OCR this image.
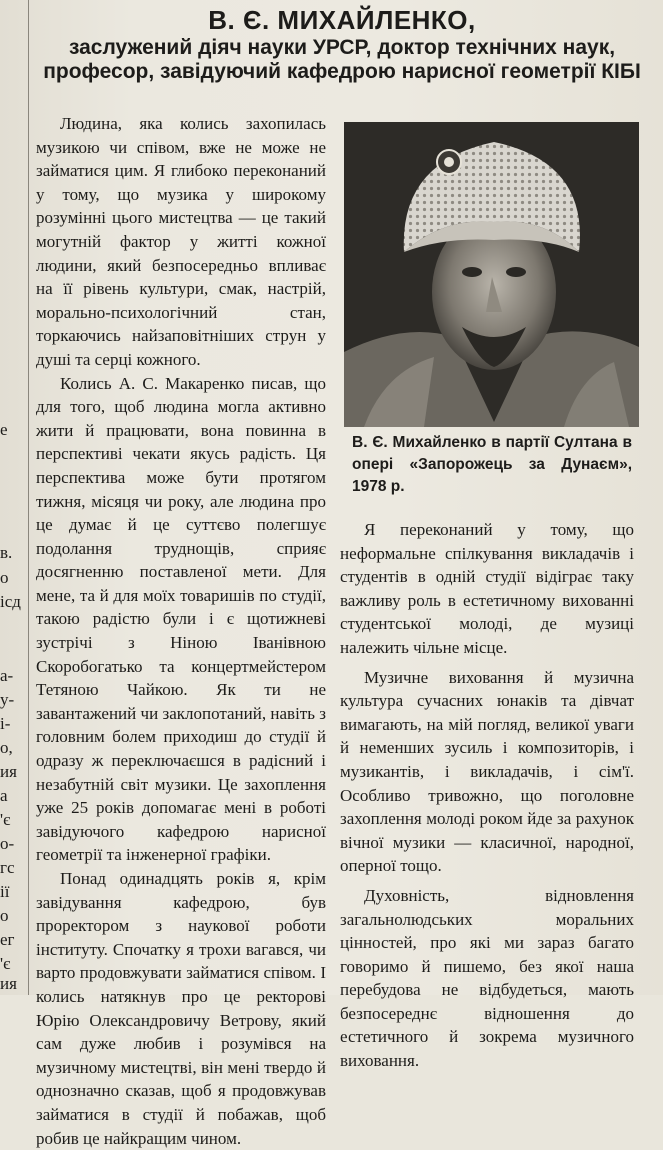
е
в.
о
ісд
а-
у-
і-
о,
ия
а
'є
о-
гс
ії
о
ег
'є
ия
В. Є. МИХАЙЛЕНКО,
заслужений діяч науки УРСР, доктор технічних наук, професор, завідуючий кафедрою нарисної геометрії КІБІ

Людина, яка колись захопилась музикою чи співом, вже не може не займатися цим. Я глибоко переконаний у тому, що музика у широкому розумінні цього мистецтва — це такий могутній фактор у житті кожної людини, який безпосередньо впливає на її рівень культури, смак, настрій, морально-психологічний стан, торкаючись найзаповітніших струн у душі та серці кожного.

Колись А. С. Макаренко писав, що для того, щоб людина могла активно жити й працювати, вона повинна в перспективі чекати якусь радість. Ця перспектива може бути протягом тижня, місяця чи року, але людина про це думає й це суттєво полегшує подолання труднощів, сприяє досягненню поставленої мети. Для мене, та й для моїх товаришів по студії, такою радістю були і є щотижневі зустрічі з Ніною Іванівною Скоробогатько та концертмейстером Тетяною Чайкою. Як ти не завантажений чи заклопотаний, навіть з головним болем приходиш до студії й одразу ж переключаєшся в радісний і незабутній світ музики. Це захоплення уже 25 років допомагає мені в роботі завідуючого кафедрою нарисної геометрії та інженерної графіки.

Понад одинадцять років я, крім завідування кафедрою, був проректором з наукової роботи інституту. Спочатку я трохи вагався, чи варто продовжувати займатися співом. І колись натякнув про це ректорові Юрію Олександровичу Ветрову, який сам дуже любив і розумівся на музичному мистецтві, він мені твердо й однозначно сказав, щоб я продовжував займатися в студії й побажав, щоб робив це найкращим чином.

В. Є. Михайленко в партії Султана в опері «Запорожець за Дунаєм», 1978 р.

Я переконаний у тому, що неформальне спілкування викладачів і студентів в одній студії відіграє таку важливу роль в естетичному вихованні студентської молоді, де музиці належить чільне місце.

Музичне виховання й музична культура сучасних юнаків та дівчат вимагають, на мій погляд, великої уваги й неменших зусиль і композиторів, і музикантів, і викладачів, і сім'ї. Особливо тривожно, що поголовне захоплення молоді роком йде за рахунок вічної музики — класичної, народної, оперної тощо.

Духовність, відновлення загальнолюдських моральних цінностей, про які ми зараз багато говоримо й пишемо, без якої наша перебудова не відбудеться, мають безпосереднє відношення до естетичного й зокрема музичного виховання.
